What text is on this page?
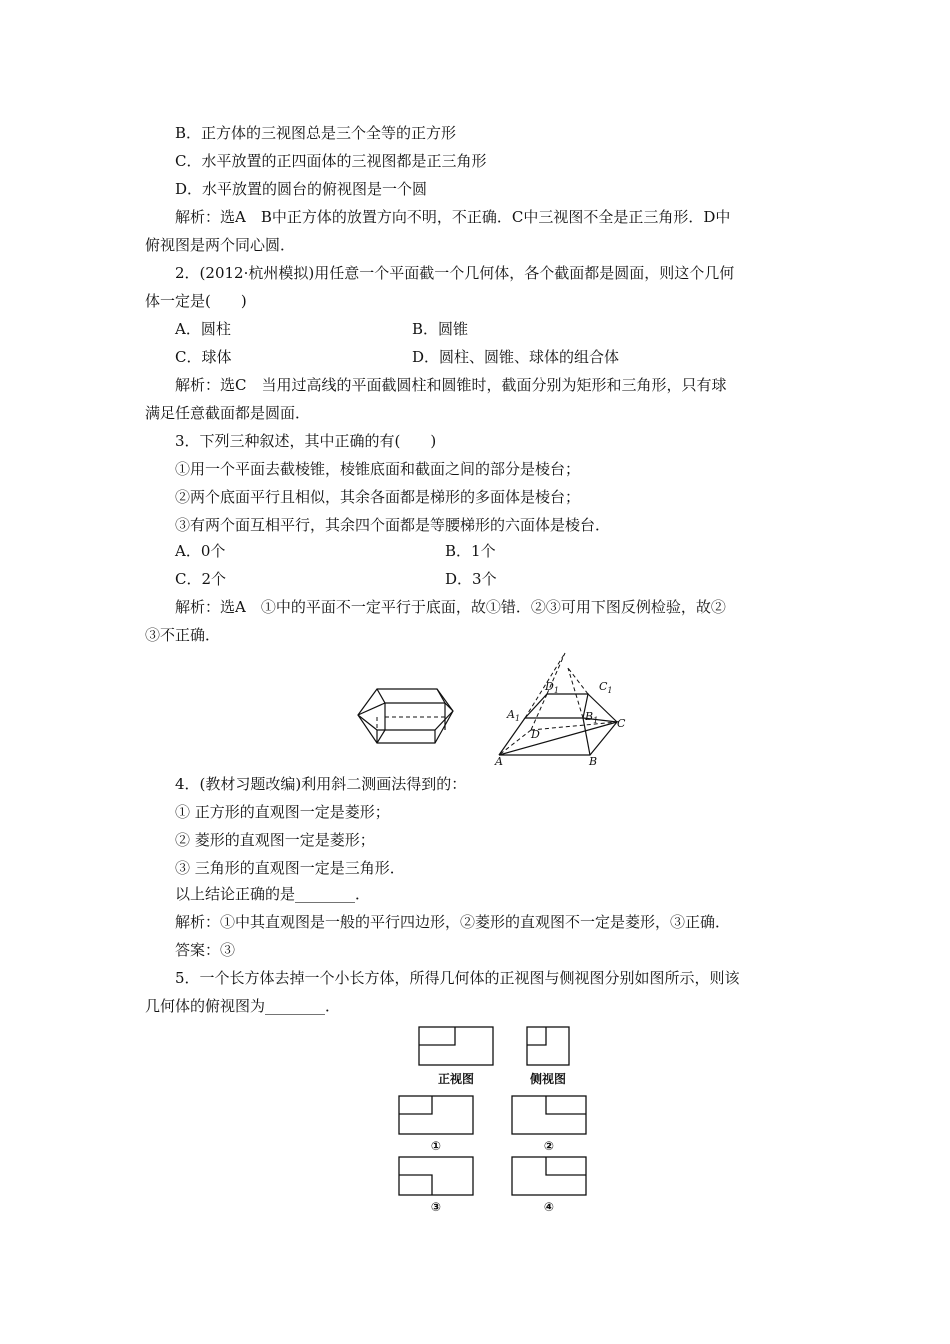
B．正方体的三视图总是三个全等的正方形
C．水平放置的正四面体的三视图都是正三角形
D．水平放置的圆台的俯视图是一个圆
解析：选A　B中正方体的放置方向不明，不正确．C中三视图不全是正三角形．D中
俯视图是两个同心圆．
2．(2012·杭州模拟)用任意一个平面截一个几何体，各个截面都是圆面，则这个几何
体一定是(　　)
A．圆柱	B．圆锥
C．球体	D．圆柱、圆锥、球体的组合体
解析：选C　当用过高线的平面截圆柱和圆锥时，截面分别为矩形和三角形，只有球
满足任意截面都是圆面．
3．下列三种叙述，其中正确的有(　　)
①用一个平面去截棱锥，棱锥底面和截面之间的部分是棱台；
②两个底面平行且相似，其余各面都是梯形的多面体是棱台；
③有两个面互相平行，其余四个面都是等腰梯形的六面体是棱台．
A．0个	B．1个
C．2个	D．3个
解析：选A　①中的平面不一定平行于底面，故①错．②③可用下图反例检验，故②
③不正确．
$D_1$	$C_1$
$A_1$	$B_1$ C
D
A	B
4．(教材习题改编)利用斜二测画法得到的：
① 正方形的直观图一定是菱形；
② 菱形的直观图一定是菱形；
③ 三角形的直观图一定是三角形．
以上结论正确的是________．
解析：①中其直观图是一般的平行四边形，②菱形的直观图不一定是菱形，③正确．
答案：③
5．一个长方体去掉一个小长方体，所得几何体的正视图与侧视图分别如图所示，则该
几何体的俯视图为________．
正视图	侧视图
①	②
③	④
